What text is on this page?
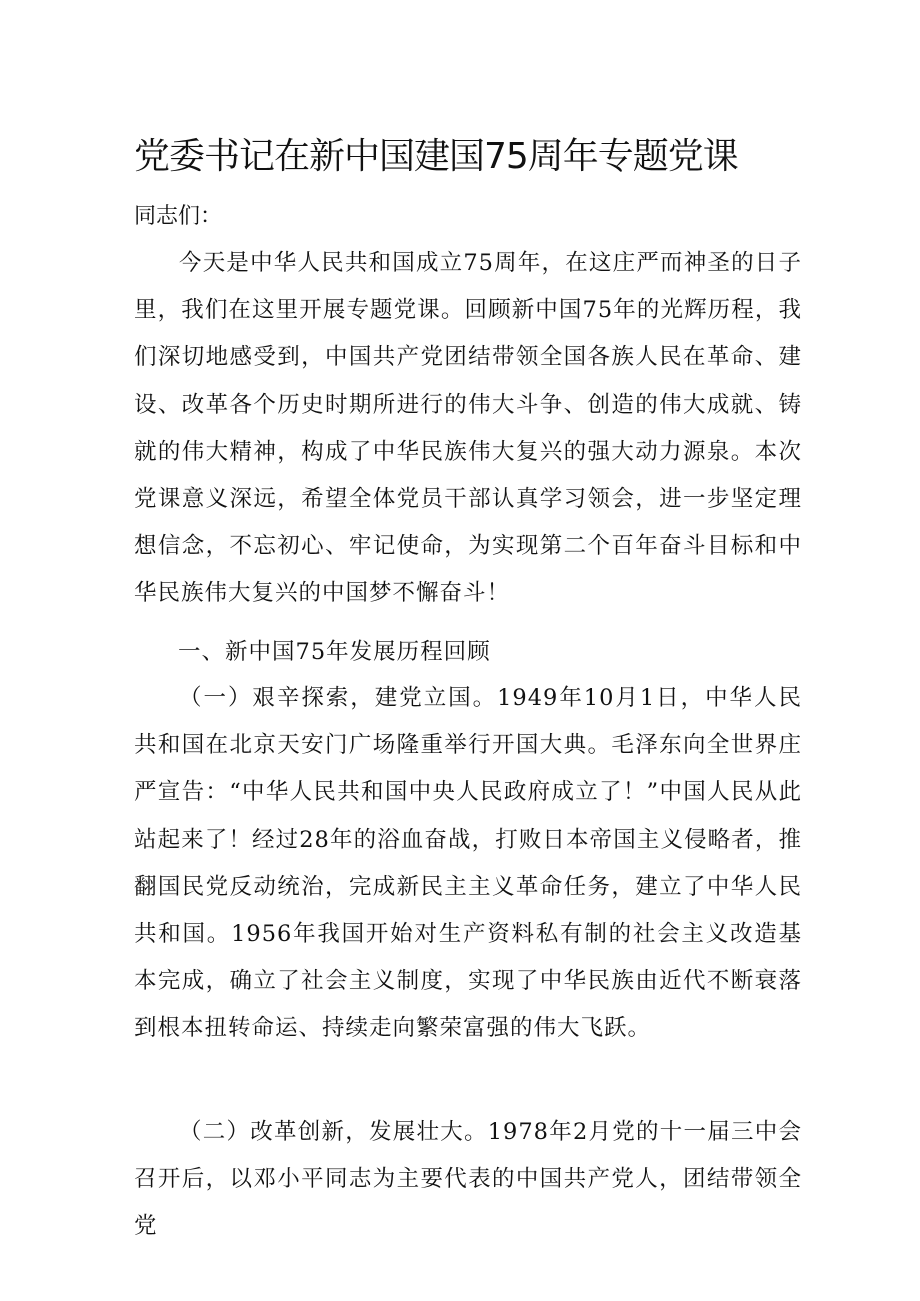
党委书记在新中国建国75周年专题党课

同志们：

今天是中华人民共和国成立75周年，在这庄严而神圣的日子里，我们在这里开展专题党课。回顾新中国75年的光辉历程，我们深切地感受到，中国共产党团结带领全国各族人民在革命、建设、改革各个历史时期所进行的伟大斗争、创造的伟大成就、铸就的伟大精神，构成了中华民族伟大复兴的强大动力源泉。本次党课意义深远，希望全体党员干部认真学习领会，进一步坚定理想信念，不忘初心、牢记使命，为实现第二个百年奋斗目标和中华民族伟大复兴的中国梦不懈奋斗！

一、新中国75年发展历程回顾

（一）艰辛探索，建党立国。1949年10月1日，中华人民共和国在北京天安门广场隆重举行开国大典。毛泽东向全世界庄严宣告：“中华人民共和国中央人民政府成立了！”中国人民从此站起来了！经过28年的浴血奋战，打败日本帝国主义侵略者，推翻国民党反动统治，完成新民主主义革命任务，建立了中华人民共和国。1956年我国开始对生产资料私有制的社会主义改造基本完成，确立了社会主义制度，实现了中华民族由近代不断衰落到根本扭转命运、持续走向繁荣富强的伟大飞跃。

（二）改革创新，发展壮大。1978年2月党的十一届三中会召开后，以邓小平同志为主要代表的中国共产党人，团结带领全党
